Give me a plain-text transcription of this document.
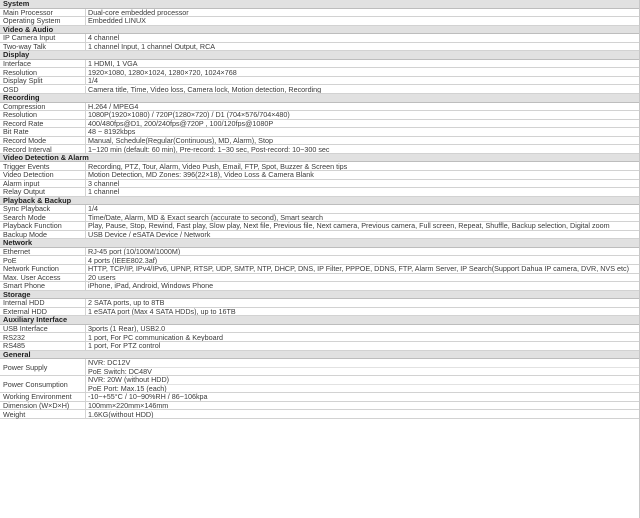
System
Main Processor	Dual-core embedded processor
Operating System	Embedded LINUX
Video & Audio
IP Camera Input	4 channel
Two-way Talk	1 channel Input, 1 channel Output, RCA
Display
Interface	1 HDMI, 1 VGA
Resolution	1920×1080, 1280×1024, 1280×720, 1024×768
Display Split	1/4
OSD	Camera title, Time, Video loss, Camera lock, Motion detection, Recording
Recording
Compression	H.264 / MPEG4
Resolution	1080P(1920×1080) / 720P(1280×720) / D1 (704×576/704×480)
Record Rate	400/480fps@D1, 200/240fps@720P , 100/120fps@1080P
Bit Rate	48 ~ 8192kbps
Record Mode	Manual, Schedule(Regular(Continuous), MD, Alarm), Stop
Record Interval	1~120 min (default: 60 min), Pre-record: 1~30 sec, Post-record: 10~300 sec
Video Detection & Alarm
Trigger Events	Recording, PTZ, Tour, Alarm, Video Push, Email, FTP, Spot, Buzzer & Screen tips
Video Detection	Motion Detection, MD Zones: 396(22×18), Video Loss & Camera Blank
Alarm input	3 channel
Relay Output	1 channel
Playback & Backup
Sync Playback	1/4
Search Mode	Time/Date, Alarm, MD & Exact search (accurate to second), Smart search
Playback Function	Play, Pause, Stop, Rewind, Fast play, Slow play, Next file, Previous file, Next camera, Previous camera, Full screen, Repeat, Shuffle, Backup selection, Digital zoom
Backup Mode	USB Device / eSATA Device / Network
Network
Ethernet	RJ-45 port (10/100M/1000M)
PoE	4 ports (IEEE802.3af)
Network Function	HTTP, TCP/IP, IPv4/IPv6, UPNP, RTSP, UDP, SMTP, NTP, DHCP, DNS, IP Filter, PPPOE, DDNS, FTP, Alarm Server, IP Search(Support Dahua IP camera, DVR, NVS etc)
Max. User Access	20 users
Smart Phone	iPhone, iPad, Android, Windows Phone
Storage
Internal HDD	2 SATA ports, up to 8TB
External HDD	1 eSATA port (Max 4 SATA HDDs), up to 16TB
Auxiliary Interface
USB Interface	3ports (1 Rear), USB2.0
RS232	1 port, For PC communication & Keyboard
RS485	1 port, For PTZ control
General
Power Supply	NVR: DC12V
PoE Switch: DC48V
Power Consumption	NVR: 20W (without HDD)
PoE Port: Max.15 (each)
Working Environment	-10~+55°C / 10~90%RH / 86~106kpa
Dimension (W×D×H)	100mm×220mm×146mm
Weight	1.6KG(without HDD)
